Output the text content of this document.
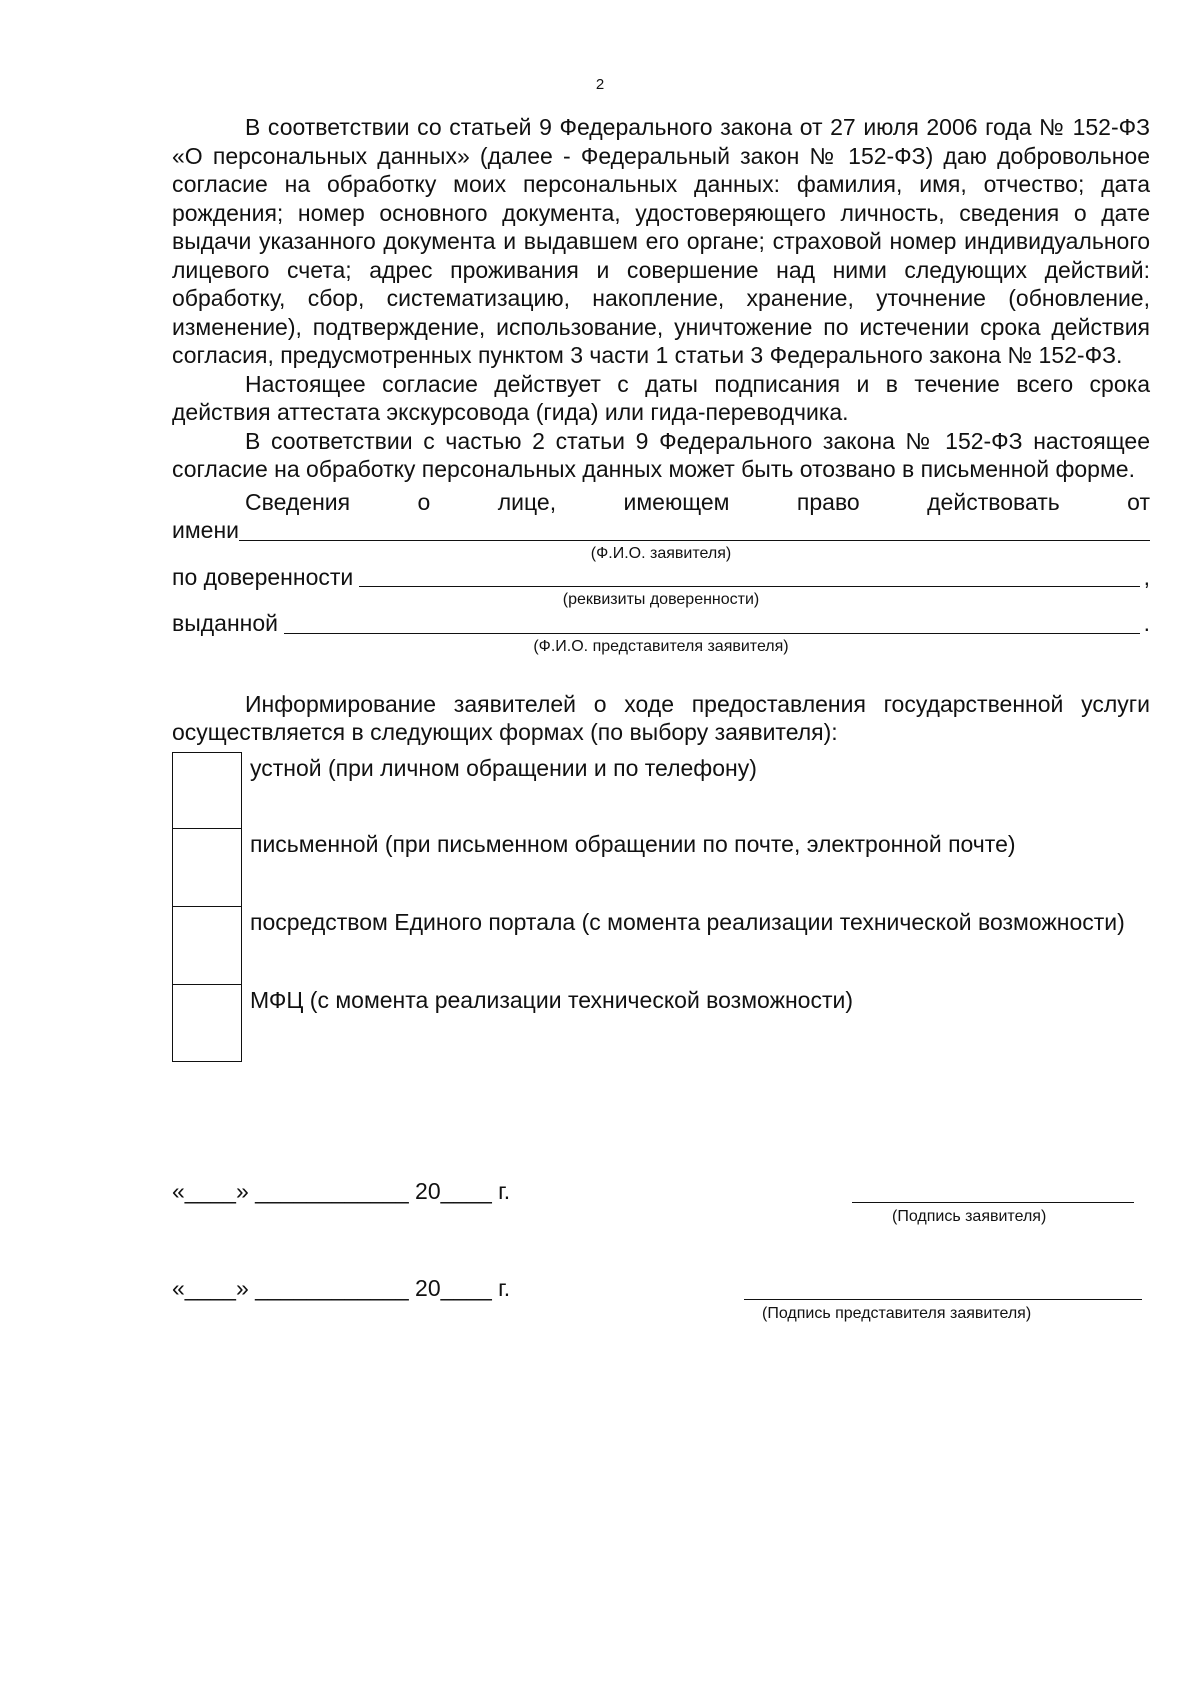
2

В соответствии со статьей 9 Федерального закона от 27 июля 2006 года № 152-ФЗ «О персональных данных» (далее - Федеральный закон № 152-ФЗ) даю добровольное согласие на обработку моих персональных данных: фамилия, имя, отчество; дата рождения; номер основного документа, удостоверяющего личность, сведения о дате выдачи указанного документа и выдавшем его органе; страховой номер индивидуального лицевого счета; адрес проживания и совершение над ними следующих действий: обработку, сбор, систематизацию, накопление, хранение, уточнение (обновление, изменение), подтверждение, использование, уничтожение по истечении срока действия согласия, предусмотренных пунктом 3 части 1 статьи 3 Федерального закона № 152-ФЗ.

Настоящее согласие действует с даты подписания и в течение всего срока действия аттестата экскурсовода (гида) или гида-переводчика.

В соответствии с частью 2 статьи 9 Федерального закона № 152-ФЗ настоящее согласие на обработку персональных данных может быть отозвано в письменной форме.

Сведения	о	лице,	имеющем	право	действовать	от
имени

(Ф.И.О. заявителя)

по доверенности	,

(реквизиты доверенности)

выданной	.

(Ф.И.О. представителя заявителя)

Информирование заявителей о ходе предоставления государственной услуги осуществляется в следующих формах (по выбору заявителя):

устной (при личном обращении и по телефону)
письменной (при письменном обращении по почте, электронной почте)
посредством Единого портала (с момента реализации технической возможности)
МФЦ (с момента реализации технической возможности)
«____» ____________ 20____ г.
(Подпись заявителя)
«____» ____________ 20____ г.
(Подпись представителя заявителя)
